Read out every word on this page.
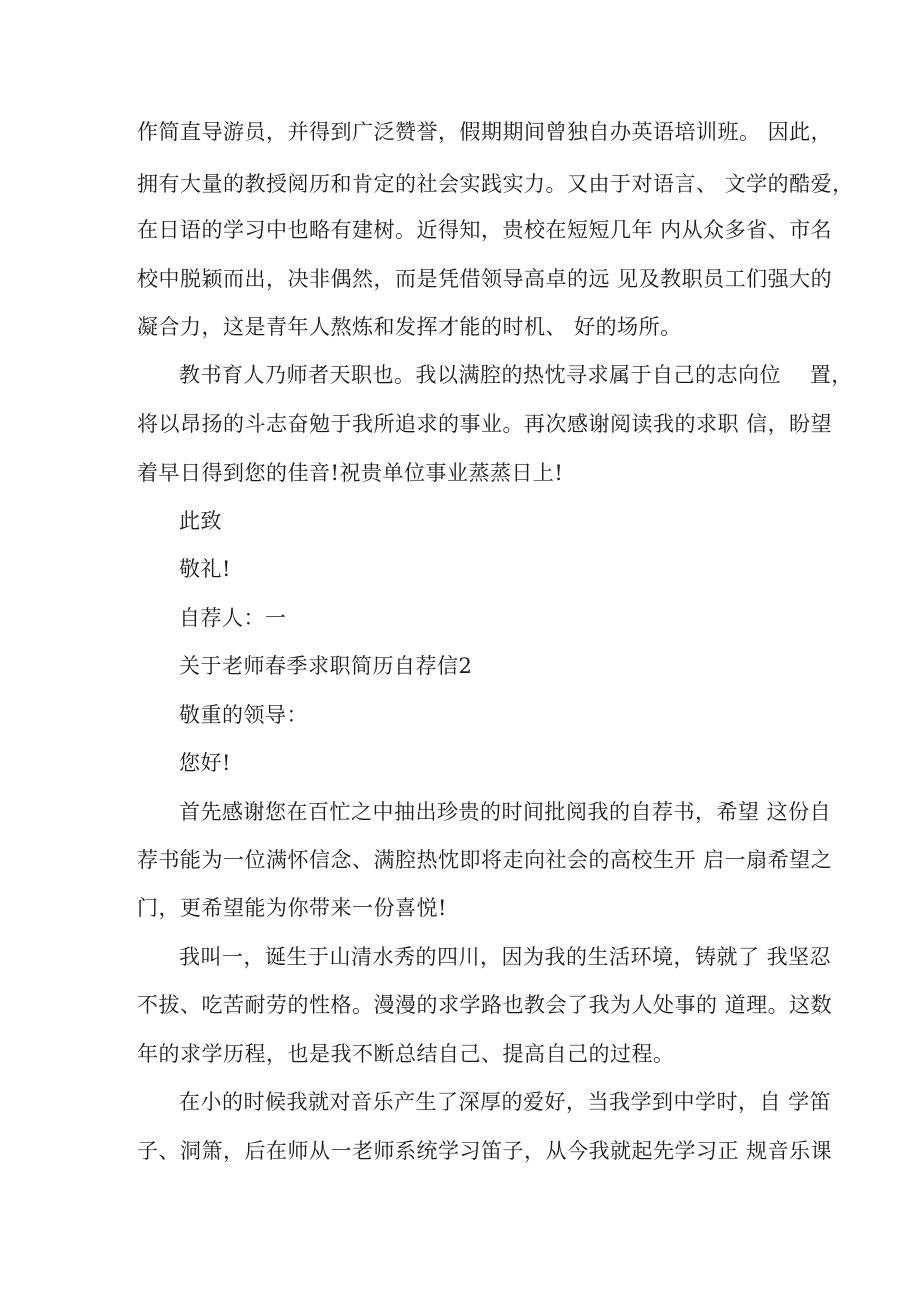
作简直导游员，并得到广泛赞誉，假期期间曾独自办英语培训班。 因此，

拥有大量的教授阅历和肯定的社会实践实力。又由于对语言、 文学的酷爱，

在日语的学习中也略有建树。近得知，贵校在短短几年 内从众多省、市名

校中脱颖而出，决非偶然，而是凭借领导高卓的远 见及教职员工们强大的

凝合力，这是青年人熬炼和发挥才能的时机、 好的场所。

教书育人乃师者天职也。我以满腔的热忱寻求属于自己的志向位    置，

将以昂扬的斗志奋勉于我所追求的事业。再次感谢阅读我的求职 信，盼望

着早日得到您的佳音!祝贵单位事业蒸蒸日上!

此致

敬礼!

自荐人：一

关于老师春季求职简历自荐信2

敬重的领导：

您好!

首先感谢您在百忙之中抽出珍贵的时间批阅我的自荐书，希望 这份自

荐书能为一位满怀信念、满腔热忱即将走向社会的高校生开 启一扇希望之

门，更希望能为你带来一份喜悦!

我叫一，诞生于山清水秀的四川，因为我的生活环境，铸就了 我坚忍

不拔、吃苦耐劳的性格。漫漫的求学路也教会了我为人处事的 道理。这数

年的求学历程，也是我不断总结自己、提高自己的过程。

在小的时候我就对音乐产生了深厚的爱好，当我学到中学时，自 学笛

子、洞箫，后在师从一老师系统学习笛子，从今我就起先学习正 规音乐课
